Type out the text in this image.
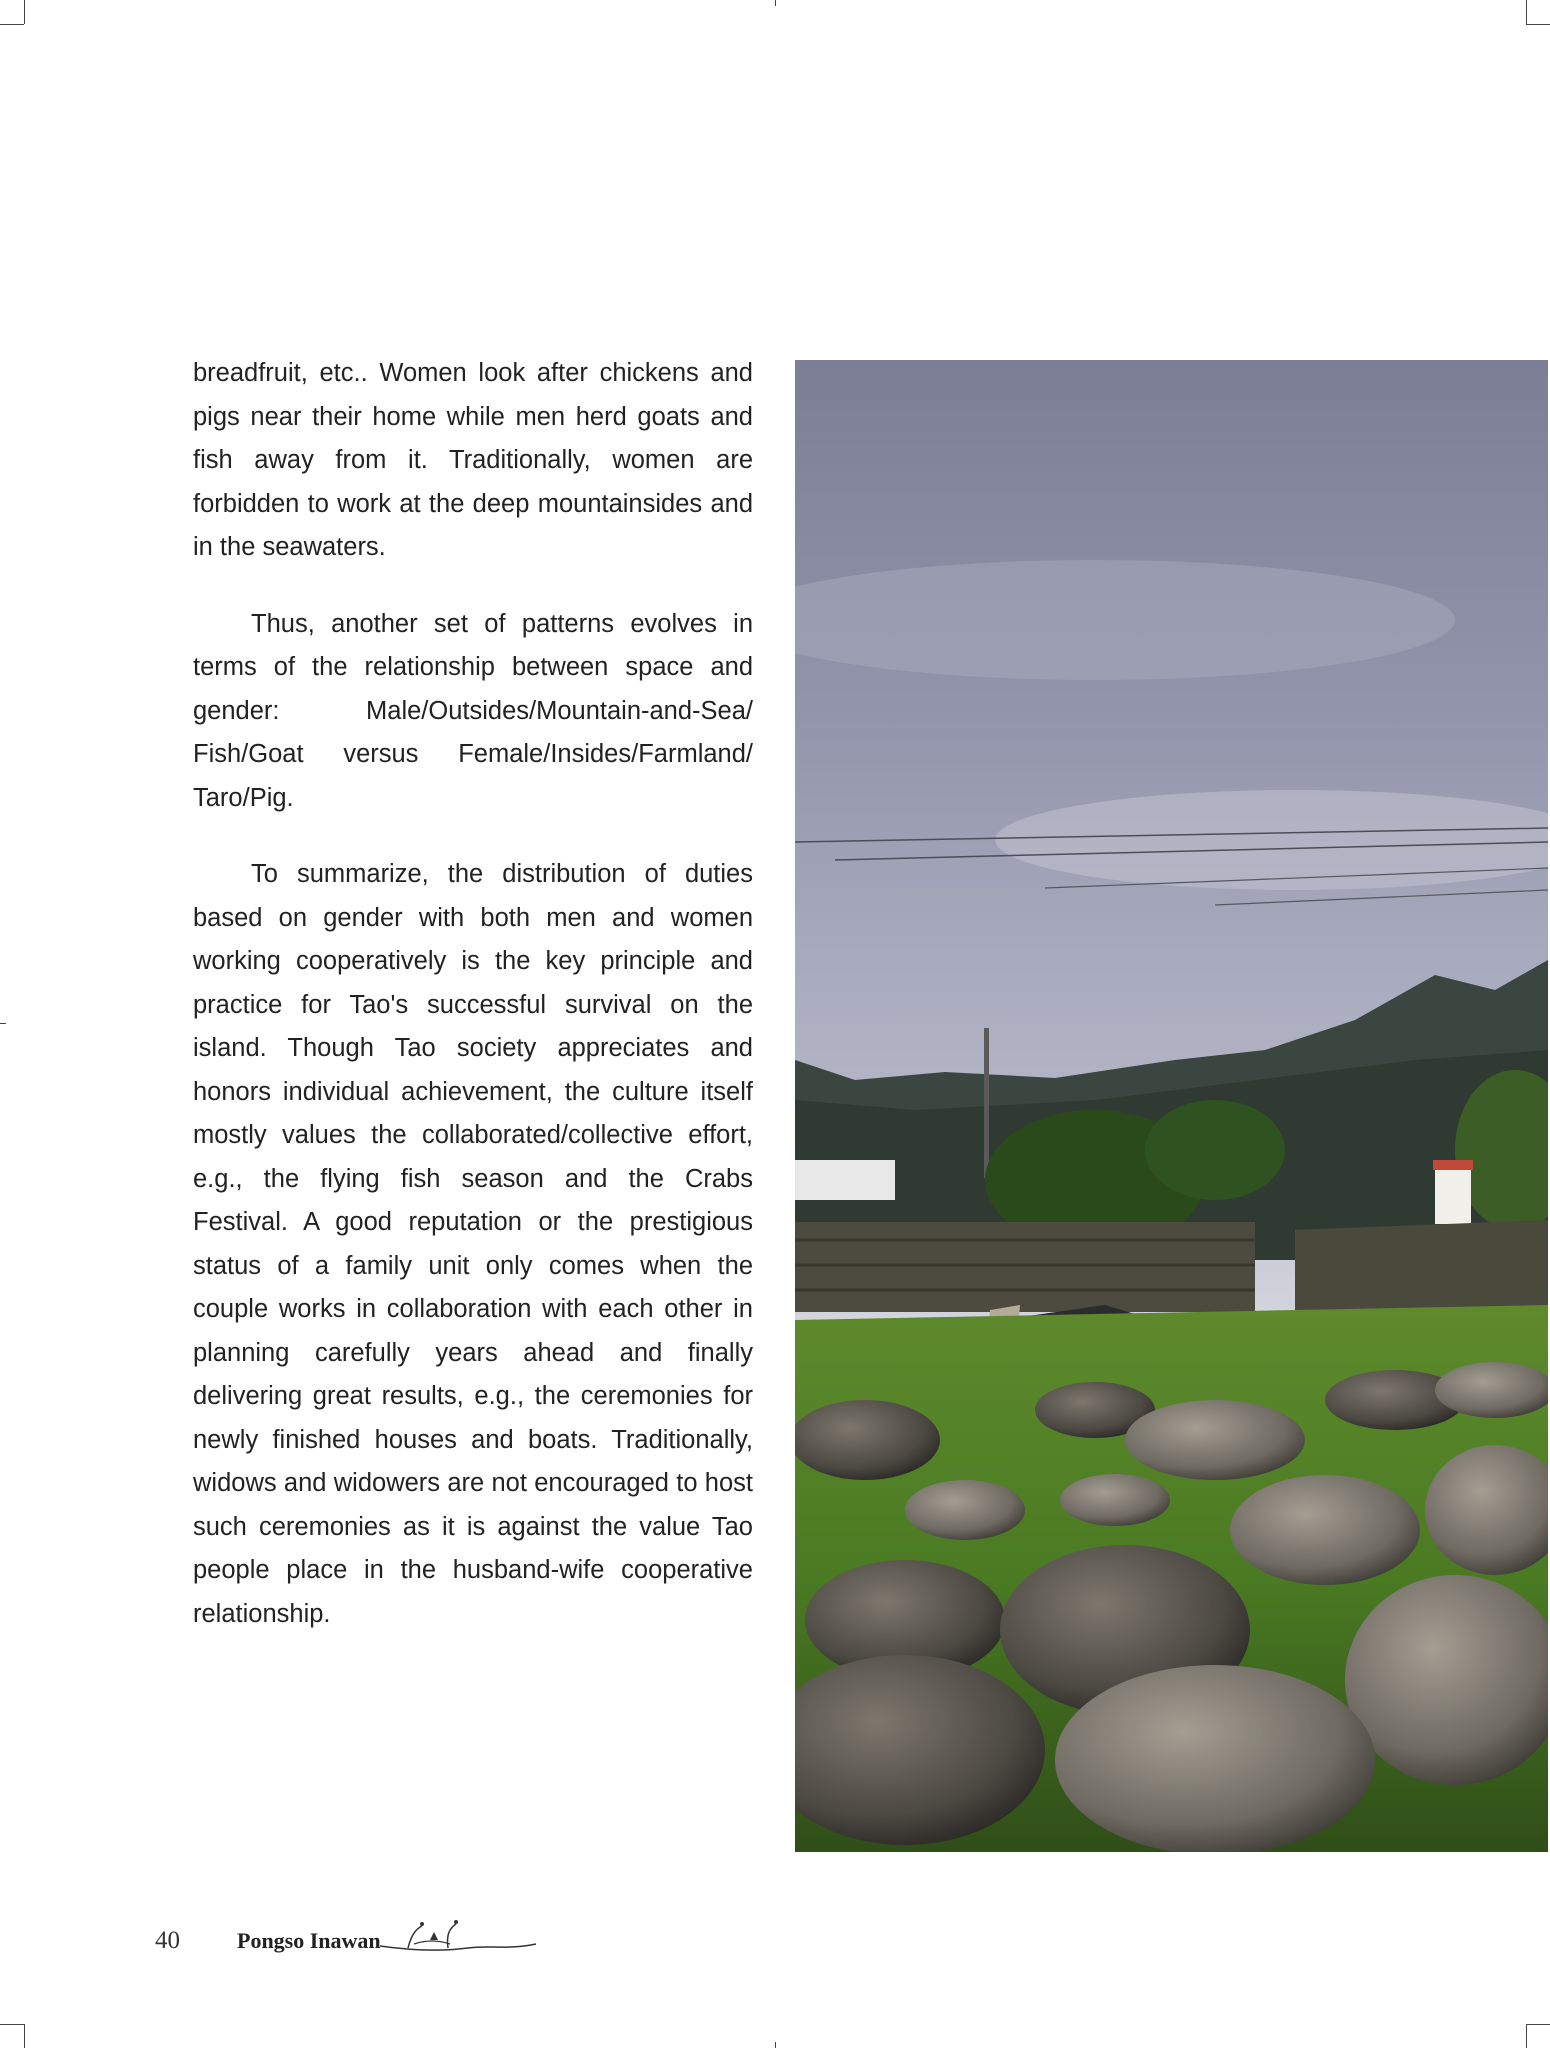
breadfruit, etc.. Women look after chickens and pigs near their home while men herd goats and fish away from it. Traditionally, women are forbidden to work at the deep mountainsides and in the seawaters.

Thus, another set of patterns evolves in terms of the relationship between space and gender: Male/Outsides/Mountain-and-Sea/ Fish/Goat versus Female/Insides/Farmland/ Taro/Pig.

To summarize, the distribution of duties based on gender with both men and women working cooperatively is the key principle and practice for Tao's successful survival on the island. Though Tao society appreciates and honors individual achievement, the culture itself mostly values the collaborated/collective effort, e.g., the flying fish season and the Crabs Festival. A good reputation or the prestigious status of a family unit only comes when the couple works in collaboration with each other in planning carefully years ahead and finally delivering great results, e.g., the ceremonies for newly finished houses and boats. Traditionally, widows and widowers are not encouraged to host such ceremonies as it is against the value Tao people place in the husband-wife cooperative relationship.

40	Pongso Inawan
